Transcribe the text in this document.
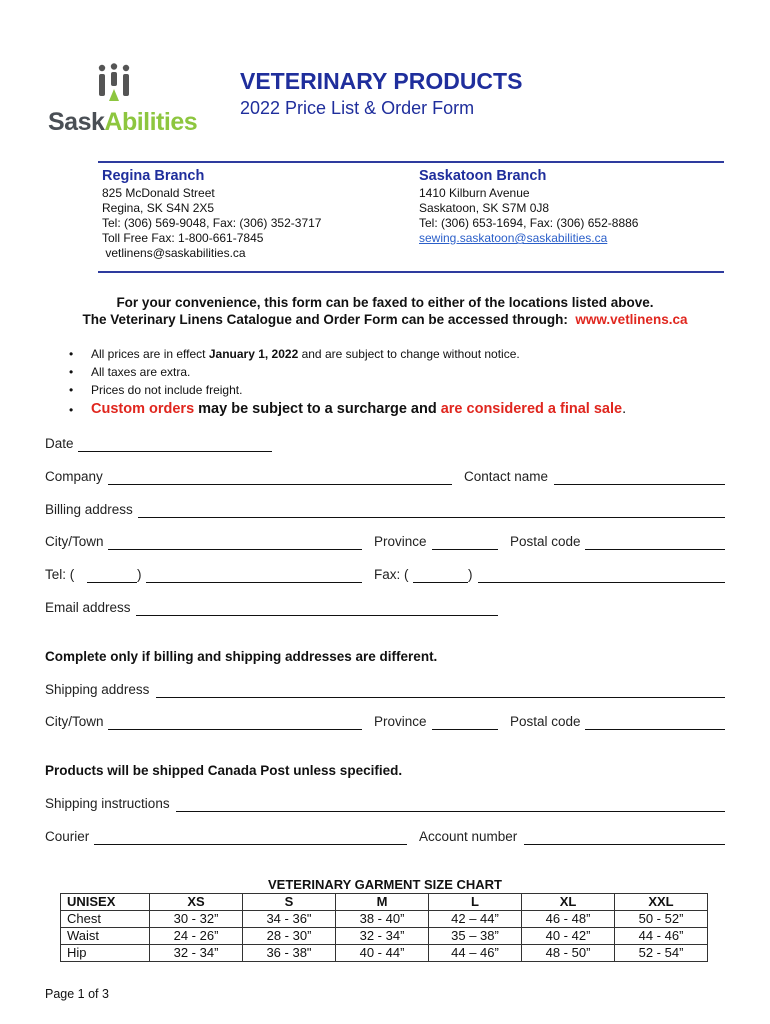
SaskAbilities
VETERINARY PRODUCTS
2022 Price List & Order Form
Regina Branch
825 McDonald Street
Regina, SK S4N 2X5
Tel: (306) 569-9048, Fax: (306) 352-3717
Toll Free Fax: 1-800-661-7845
vetlinens@saskabilities.ca
Saskatoon Branch
1410 Kilburn Avenue
Saskatoon, SK S7M 0J8
Tel: (306) 653-1694, Fax: (306) 652-8886
sewing.saskatoon@saskabilities.ca
For your convenience, this form can be faxed to either of the locations listed above.
The Veterinary Linens Catalogue and Order Form can be accessed through:  www.vetlinens.ca
• All prices are in effect January 1, 2022 and are subject to change without notice.
• All taxes are extra.
• Prices do not include freight.
• Custom orders may be subject to a surcharge and are considered a final sale.
Date
Company	Contact name
Billing address
City/Town	Province	Postal code
Tel: (	)	Fax: (	)
Email address
Complete only if billing and shipping addresses are different.
Shipping address
City/Town	Province	Postal code
Products will be shipped Canada Post unless specified.
Shipping instructions
Courier	Account number
VETERINARY GARMENT SIZE CHART
UNISEX	XS	S	M	L	XL	XXL
Chest	30 - 32”	34 - 36"	38 - 40”	42 – 44”	46 - 48”	50 - 52”
Waist	24 - 26”	28 - 30”	32 - 34”	35 – 38”	40 - 42”	44 - 46”
Hip	32 - 34”	36 - 38"	40 - 44”	44 – 46”	48 - 50”	52 - 54”
Page 1 of 3
